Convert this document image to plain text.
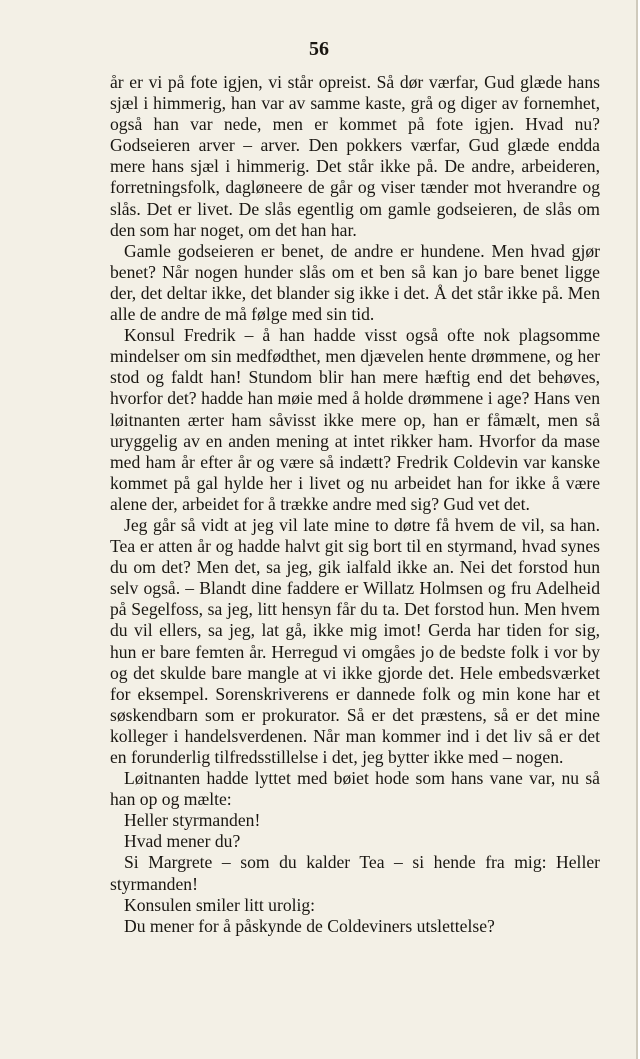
56

år er vi på fote igjen, vi står opreist. Så dør værfar, Gud glæde hans sjæl i himmerig, han var av samme kaste, grå og diger av fornemhet, også han var nede, men er kommet på fote igjen. Hvad nu? Godseieren arver – arver. Den pokkers værfar, Gud glæde endda mere hans sjæl i himmerig. Det står ikke på. De andre, arbeideren, forretningsfolk, dagløneere de går og viser tænder mot hverandre og slås. Det er livet. De slås egentlig om gamle godseieren, de slås om den som har noget, om det han har.

Gamle godseieren er benet, de andre er hundene. Men hvad gjør benet? Når nogen hunder slås om et ben så kan jo bare benet ligge der, det deltar ikke, det blander sig ikke i det. Å det står ikke på. Men alle de andre de må følge med sin tid.

Konsul Fredrik – å han hadde visst også ofte nok plagsomme mindelser om sin medfødthet, men djævelen hente drømmene, og her stod og faldt han! Stundom blir han mere hæftig end det behøves, hvorfor det? hadde han møie med å holde drømmene i age? Hans ven løitnanten ærter ham såvisst ikke mere op, han er fåmælt, men så uryggelig av en anden mening at intet rikker ham. Hvorfor da mase med ham år efter år og være så indætt? Fredrik Coldevin var kanske kommet på gal hylde her i livet og nu arbeidet han for ikke å være alene der, arbeidet for å trække andre med sig? Gud vet det.

Jeg går så vidt at jeg vil late mine to døtre få hvem de vil, sa han. Tea er atten år og hadde halvt git sig bort til en styrmand, hvad synes du om det? Men det, sa jeg, gik ialfald ikke an. Nei det forstod hun selv også. – Blandt dine faddere er Willatz Holmsen og fru Adelheid på Segelfoss, sa jeg, litt hensyn får du ta. Det forstod hun. Men hvem du vil ellers, sa jeg, lat gå, ikke mig imot! Gerda har tiden for sig, hun er bare femten år. Herregud vi omgåes jo de bedste folk i vor by og det skulde bare mangle at vi ikke gjorde det. Hele embedsværket for eksempel. Sorenskriverens er dannede folk og min kone har et søskendbarn som er prokurator. Så er det præstens, så er det mine kolleger i handelsverdenen. Når man kommer ind i det liv så er det en forunderlig tilfredsstillelse i det, jeg bytter ikke med – nogen.

Løitnanten hadde lyttet med bøiet hode som hans vane var, nu så han op og mælte:

Heller styrmanden!

Hvad mener du?

Si Margrete – som du kalder Tea – si hende fra mig: Heller styrmanden!

Konsulen smiler litt urolig:

Du mener for å påskynde de Coldeviners utslettelse?
